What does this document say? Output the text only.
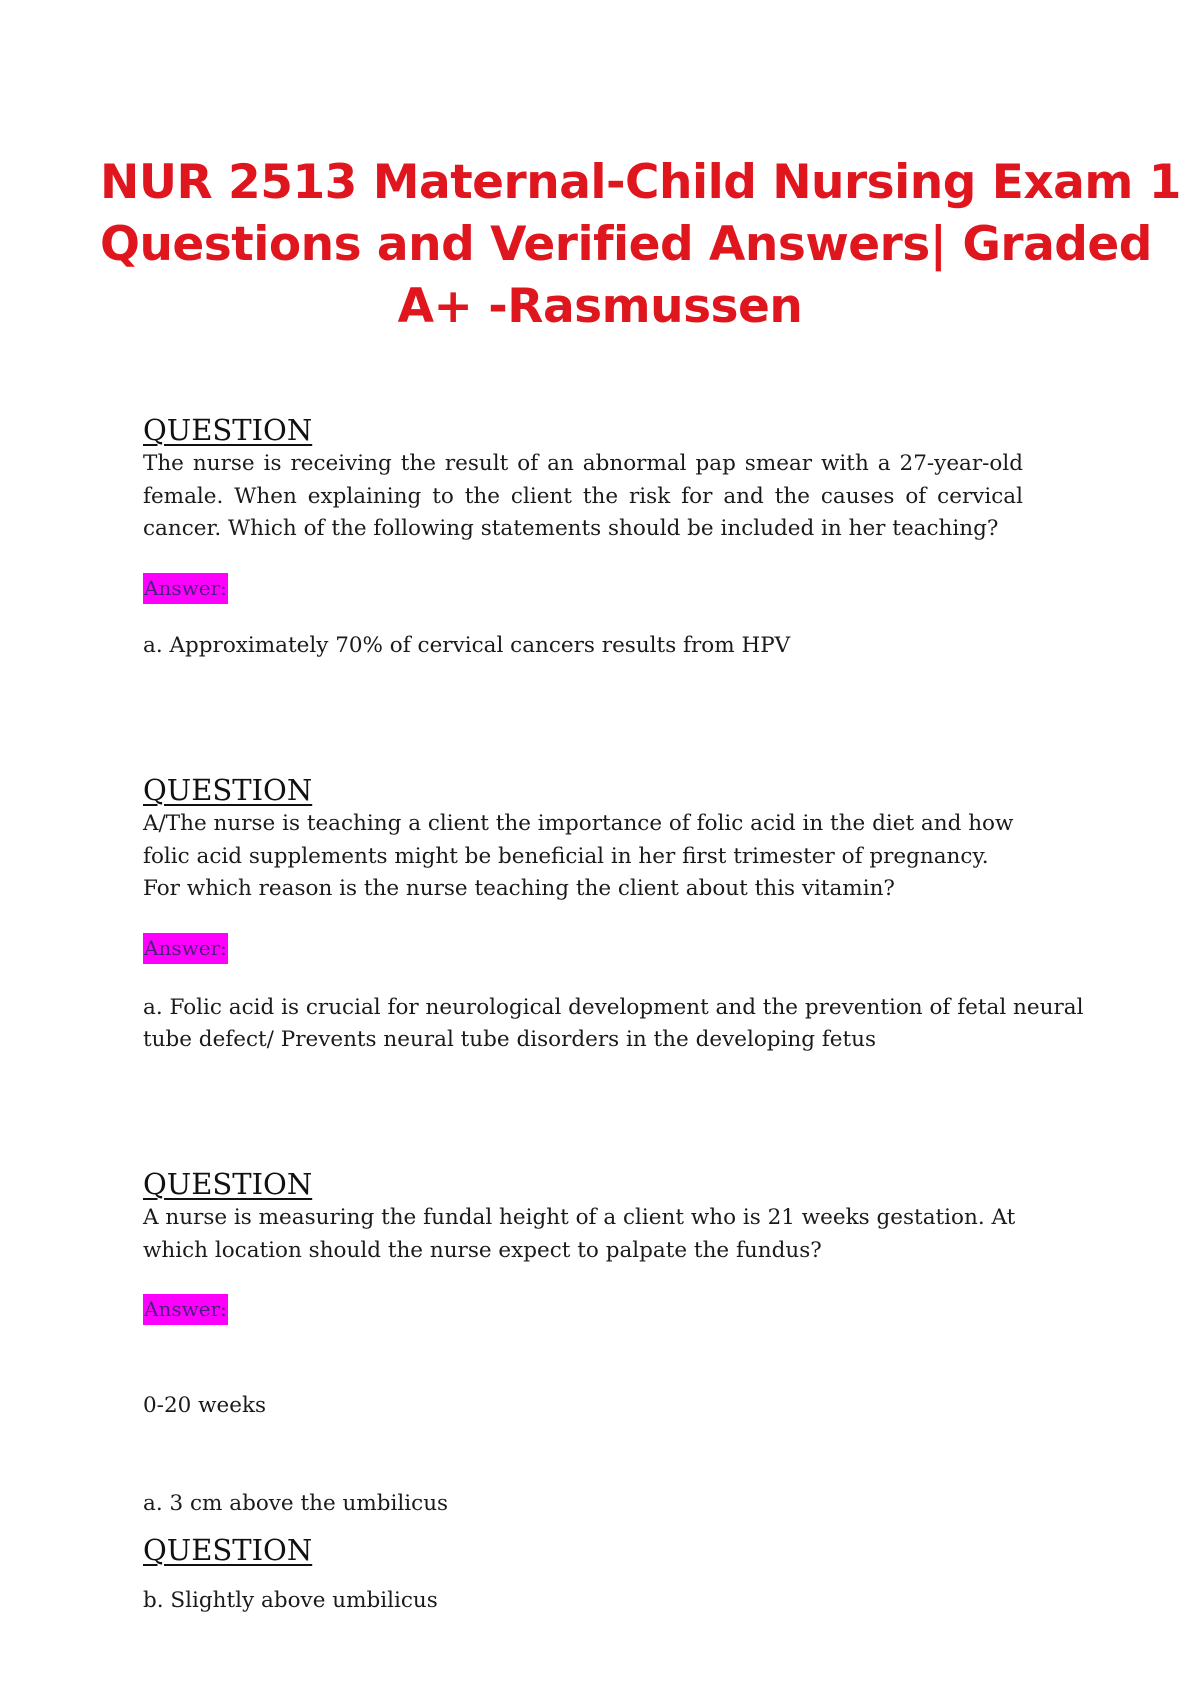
NUR 2513 Maternal-Child Nursing Exam 1
Questions and Verified Answers| Graded
A+ -Rasmussen
QUESTION
The nurse is receiving the result of an abnormal pap smear with a 27-year-old female. When explaining to the client the risk for and the causes of cervical cancer. Which of the following statements should be included in her teaching?
Answer:
a. Approximately 70% of cervical cancers results from HPV
QUESTION
A/The nurse is teaching a client the importance of folic acid in the diet and how folic acid supplements might be beneficial in her first trimester of pregnancy. For which reason is the nurse teaching the client about this vitamin?
Answer:
a. Folic acid is crucial for neurological development and the prevention of fetal neural
tube defect/ Prevents neural tube disorders in the developing fetus
QUESTION
A nurse is measuring the fundal height of a client who is 21 weeks gestation. At which location should the nurse expect to palpate the fundus?
Answer:

0-20 weeks

a. 3 cm above the umbilicus

b. Slightly above umbilicus

QUESTION
